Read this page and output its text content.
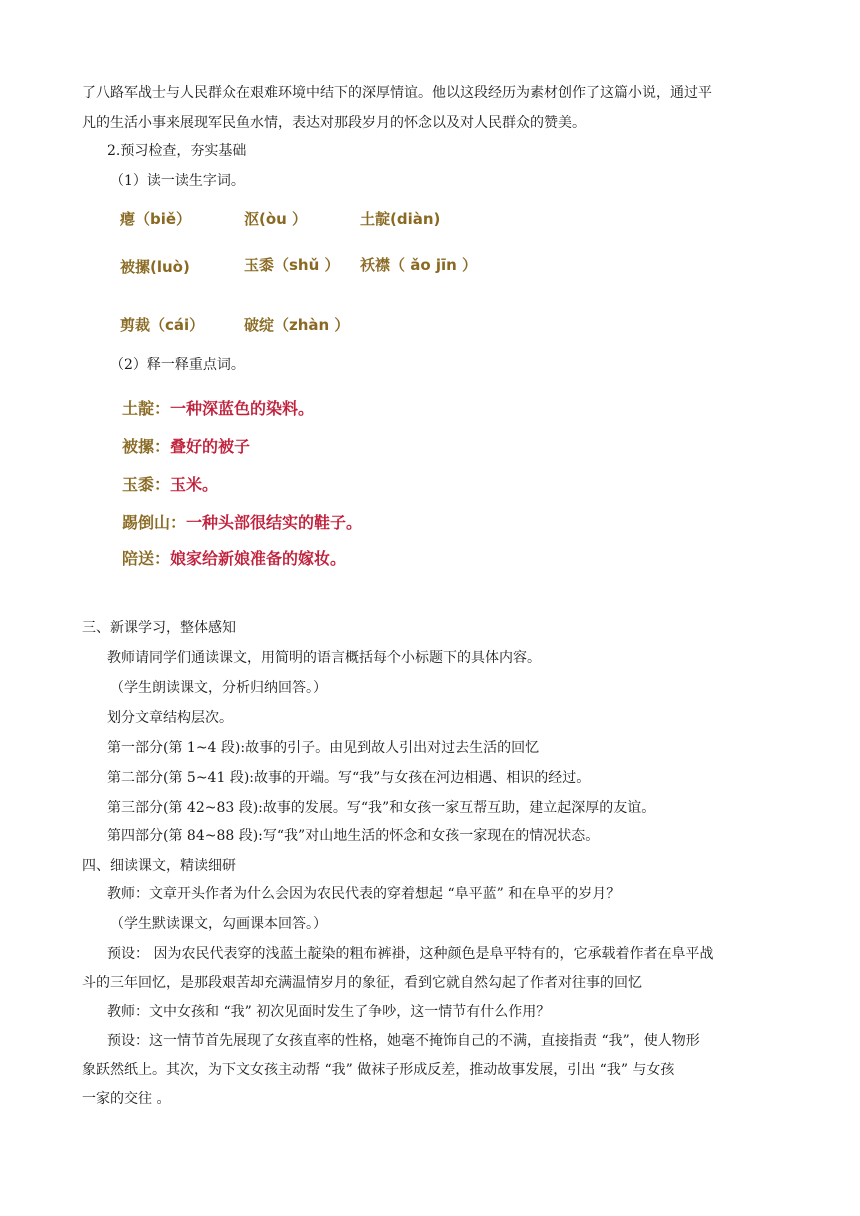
了八路军战士与人民群众在艰难环境中结下的深厚情谊。他以这段经历为素材创作了这篇小说，通过平
凡的生活小事来展现军民鱼水情，表达对那段岁月的怀念以及对人民群众的赞美。
2.预习检查，夯实基础
（1）读一读生字词。
瘪（biě）	沤(òu ）	土靛(diàn)
被摞(luò)	玉黍（shǔ ） 袄襟（ ǎo jīn ）
剪裁（cái）	破绽（zhàn ）
（2）释一释重点词。
土靛：一种深蓝色的染料。
被摞：叠好的被子
玉黍：玉米。
踢倒山：一种头部很结实的鞋子。
陪送：娘家给新娘准备的嫁妆。
三、新课学习，整体感知
教师请同学们通读课文，用简明的语言概括每个小标题下的具体内容。
（学生朗读课文，分析归纳回答。）
划分文章结构层次。
第一部分(第 1~4 段):故事的引子。由见到故人引出对过去生活的回忆
第二部分(第 5~41 段):故事的开端。写“我”与女孩在河边相遇、相识的经过。
第三部分(第 42~83 段):故事的发展。写“我”和女孩一家互帮互助，建立起深厚的友谊。
第四部分(第 84~88 段):写“我”对山地生活的怀念和女孩一家现在的情况状态。
四、细读课文，精读细研
教师：文章开头作者为什么会因为农民代表的穿着想起 “阜平蓝” 和在阜平的岁月？
（学生默读课文，勾画课本回答。）
预设： 因为农民代表穿的浅蓝土靛染的粗布裤褂，这种颜色是阜平特有的，它承载着作者在阜平战
斗的三年回忆，是那段艰苦却充满温情岁月的象征，看到它就自然勾起了作者对往事的回忆
教师：文中女孩和 “我” 初次见面时发生了争吵，这一情节有什么作用？
预设：这一情节首先展现了女孩直率的性格，她毫不掩饰自己的不满，直接指责 “我”，使人物形
象跃然纸上。其次，为下文女孩主动帮 “我” 做袜子形成反差，推动故事发展，引出 “我” 与女孩
一家的交往 。
